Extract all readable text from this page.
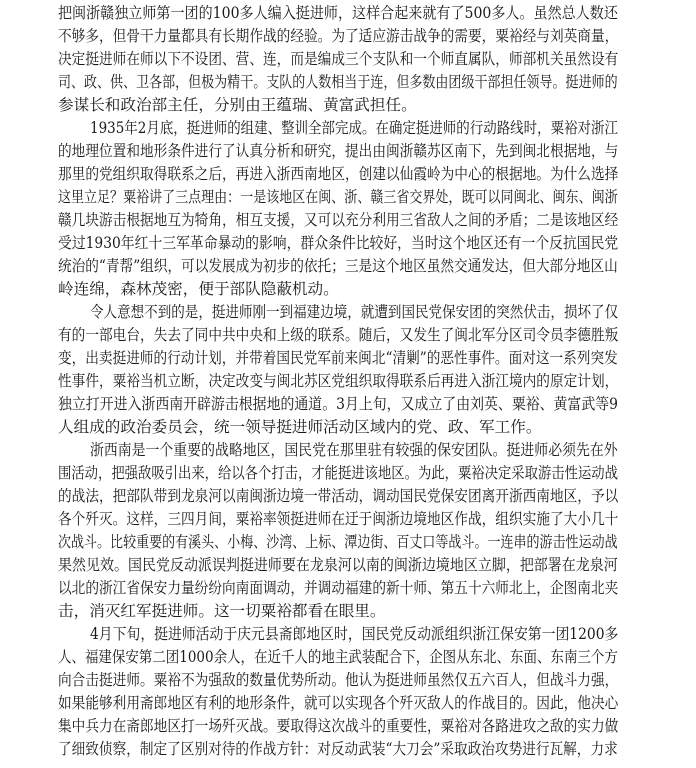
把闽浙赣独立师第一团的100多人编入挺进师，这样合起来就有了500多人。虽然总人数还
不够多，但骨干力量都具有长期作战的经验。为了适应游击战争的需要，粟裕经与刘英商量，
决定挺进师在师以下不设团、营、连，而是编成三个支队和一个师直属队，师部机关虽然设有
司、政、供、卫各部，但极为精干。支队的人数相当于连，但多数由团级干部担任领导。挺进师的
参谋长和政治部主任，分别由王蕴瑞、黄富武担任。
1935年2月底，挺进师的组建、整训全部完成。在确定挺进师的行动路线时，粟裕对浙江
的地理位置和地形条件进行了认真分析和研究，提出由闽浙赣苏区南下，先到闽北根据地，与
那里的党组织取得联系之后，再进入浙西南地区，创建以仙霞岭为中心的根据地。为什么选择
这里立足？粟裕讲了三点理由：一是该地区在闽、浙、赣三省交界处，既可以同闽北、闽东、闽浙
赣几块游击根据地互为犄角，相互支援，又可以充分利用三省敌人之间的矛盾；二是该地区经
受过1930年红十三军革命暴动的影响，群众条件比较好，当时这个地区还有一个反抗国民党
统治的“青帮”组织，可以发展成为初步的依托；三是这个地区虽然交通发达，但大部分地区山
岭连绵，森林茂密，便于部队隐蔽机动。
令人意想不到的是，挺进师刚一到福建边境，就遭到国民党保安团的突然伏击，损坏了仅
有的一部电台，失去了同中共中央和上级的联系。随后，又发生了闽北军分区司令员李德胜叛
变，出卖挺进师的行动计划，并带着国民党军前来闽北“清剿”的恶性事件。面对这一系列突发
性事件，粟裕当机立断，决定改变与闽北苏区党组织取得联系后再进入浙江境内的原定计划，
独立打开进入浙西南开辟游击根据地的通道。3月上旬，又成立了由刘英、粟裕、黄富武等9
人组成的政治委员会，统一领导挺进师活动区域内的党、政、军工作。
浙西南是一个重要的战略地区，国民党在那里驻有较强的保安团队。挺进师必须先在外
围活动，把强敌吸引出来，给以各个打击，才能挺进该地区。为此，粟裕决定采取游击性运动战
的战法，把部队带到龙泉河以南闽浙边境一带活动，调动国民党保安团离开浙西南地区，予以
各个歼灭。这样，三四月间，粟裕率领挺进师在迂于闽浙边境地区作战，组织实施了大小几十
次战斗。比较重要的有溪头、小梅、沙湾、上标、潭边街、百丈口等战斗。一连串的游击性运动战
果然见效。国民党反动派误判挺进师要在龙泉河以南的闽浙边境地区立脚，把部署在龙泉河
以北的浙江省保安力量纷纷向南面调动，并调动福建的新十师、第五十六师北上，企图南北夹
击，消灭红军挺进师。这一切粟裕都看在眼里。
4月下旬，挺进师活动于庆元县斋郎地区时，国民党反动派组织浙江保安第一团1200多
人、福建保安第二团1000余人，在近千人的地主武装配合下，企图从东北、东面、东南三个方
向合击挺进师。粟裕不为强敌的数量优势所动。他认为挺进师虽然仅五六百人，但战斗力强，
如果能够利用斋郎地区有利的地形条件，就可以实现各个歼灭敌人的作战目的。因此，他决心
集中兵力在斋郎地区打一场歼灭战。要取得这次战斗的重要性，粟裕对各路进攻之敌的实力做
了细致侦察，制定了区别对待的作战方针：对反动武装“大刀会”采取政治攻势进行瓦解，力求
